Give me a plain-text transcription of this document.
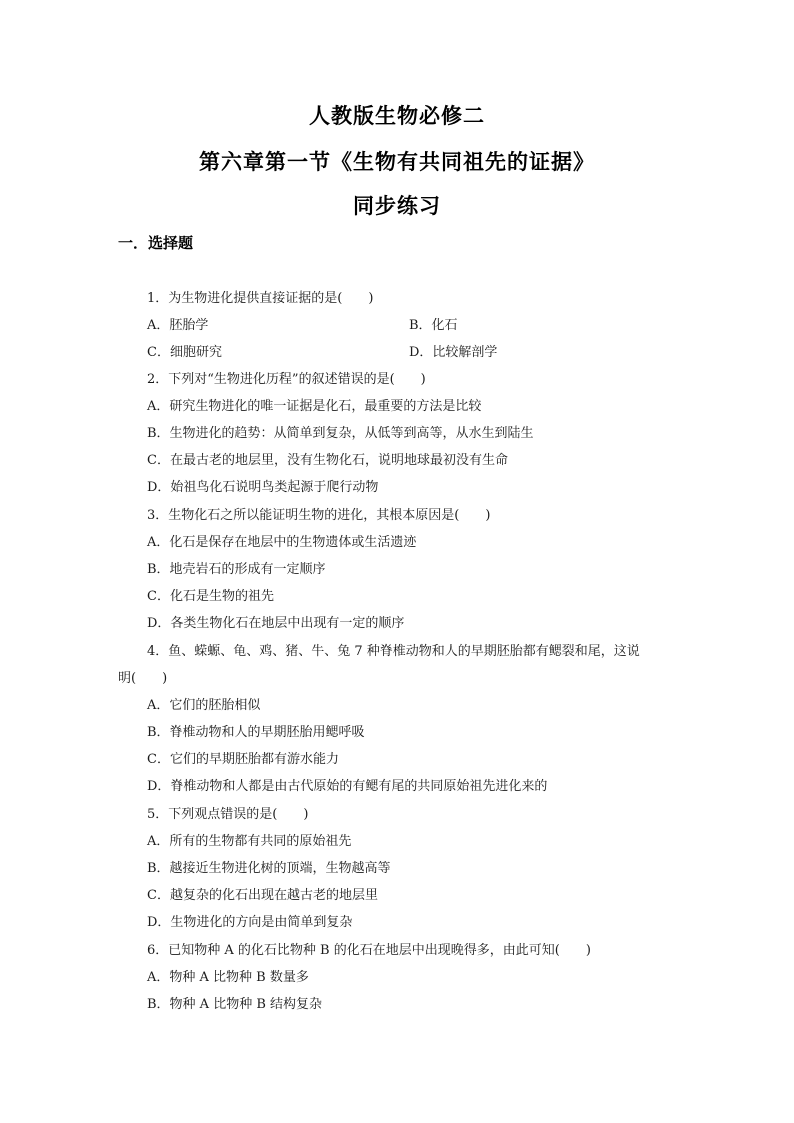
人教版生物必修二
第六章第一节《生物有共同祖先的证据》
同步练习
一．选择题
1．为生物进化提供直接证据的是(　　)
A．胚胎学	B．化石
C．细胞研究	D．比较解剖学
2．下列对“生物进化历程”的叙述错误的是(　　)
A．研究生物进化的唯一证据是化石，最重要的方法是比较
B．生物进化的趋势：从简单到复杂，从低等到高等，从水生到陆生
C．在最古老的地层里，没有生物化石，说明地球最初没有生命
D．始祖鸟化石说明鸟类起源于爬行动物
3．生物化石之所以能证明生物的进化，其根本原因是(　　)
A．化石是保存在地层中的生物遗体或生活遗迹
B．地壳岩石的形成有一定顺序
C．化石是生物的祖先
D．各类生物化石在地层中出现有一定的顺序
4．鱼、蝾螈、龟、鸡、猪、牛、兔 7 种脊椎动物和人的早期胚胎都有鳃裂和尾，这说
明(　　)
A．它们的胚胎相似
B．脊椎动物和人的早期胚胎用鳃呼吸
C．它们的早期胚胎都有游水能力
D．脊椎动物和人都是由古代原始的有鳃有尾的共同原始祖先进化来的
5．下列观点错误的是(　　)
A．所有的生物都有共同的原始祖先
B．越接近生物进化树的顶端，生物越高等
C．越复杂的化石出现在越古老的地层里
D．生物进化的方向是由简单到复杂
6．已知物种 A 的化石比物种 B 的化石在地层中出现晚得多，由此可知(　　)
A．物种 A 比物种 B 数量多
B．物种 A 比物种 B 结构复杂
